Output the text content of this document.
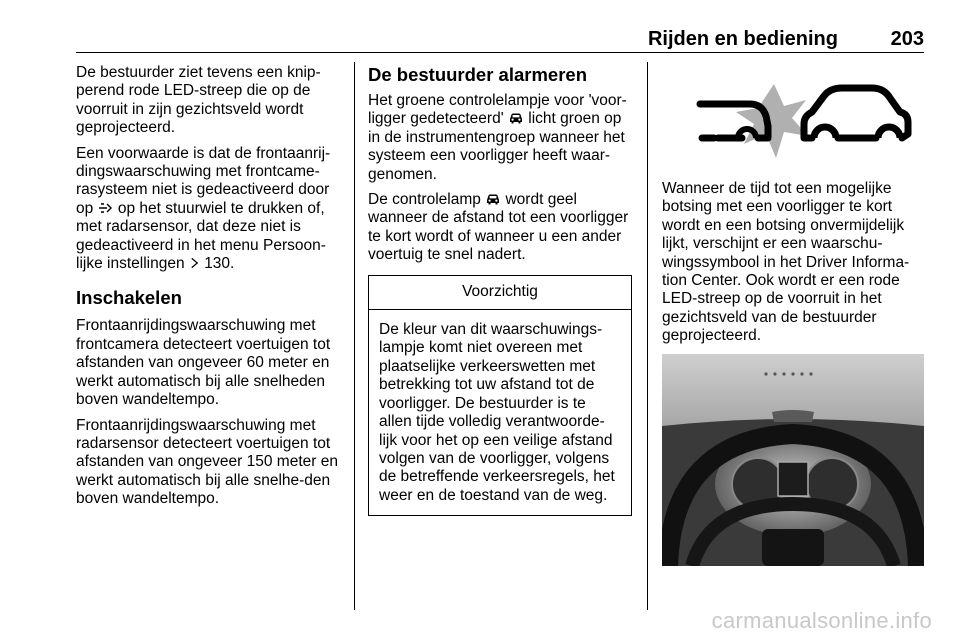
Rijden en bediening	203

De bestuurder ziet tevens een knip-perend rode LED-streep die op de voorruit in zijn gezichtsveld wordt geprojecteerd.

Een voorwaarde is dat de frontaanrij-dingswaarschuwing met frontcame-rasysteem niet is gedeactiveerd door op op het stuurwiel te drukken of, met radarsensor, dat deze niet is gedeactiveerd in het menu Persoon-lijke instellingen 130.

Inschakelen

Frontaanrijdingswaarschuwing met frontcamera detecteert voertuigen tot afstanden van ongeveer 60 meter en werkt automatisch bij alle snelheden boven wandeltempo.

Frontaanrijdingswaarschuwing met radarsensor detecteert voertuigen tot afstanden van ongeveer 150 meter en werkt automatisch bij alle snelhe-den boven wandeltempo.

De bestuurder alarmeren

Het groene controlelampje voor 'voor-ligger gedetecteerd' licht groen op in de instrumentengroep wanneer het systeem een voorligger heeft waar-genomen.

De controlelamp wordt geel wanneer de afstand tot een voorligger te kort wordt of wanneer u een ander voertuig te snel nadert.

Voorzichtig
De kleur van dit waarschuwings-lampje komt niet overeen met plaatselijke verkeerswetten met betrekking tot uw afstand tot de voorligger. De bestuurder is te allen tijde volledig verantwoorde-lijk voor het op een veilige afstand volgen van de voorligger, volgens de betreffende verkeersregels, het weer en de toestand van de weg.

Wanneer de tijd tot een mogelijke botsing met een voorligger te kort wordt en een botsing onvermijdelijk lijkt, verschijnt er een waarschu-wingssymbool in het Driver Informa-tion Center. Ook wordt er een rode LED-streep op de voorruit in het gezichtsveld van de bestuurder geprojecteerd.

carmanualsonline.info
